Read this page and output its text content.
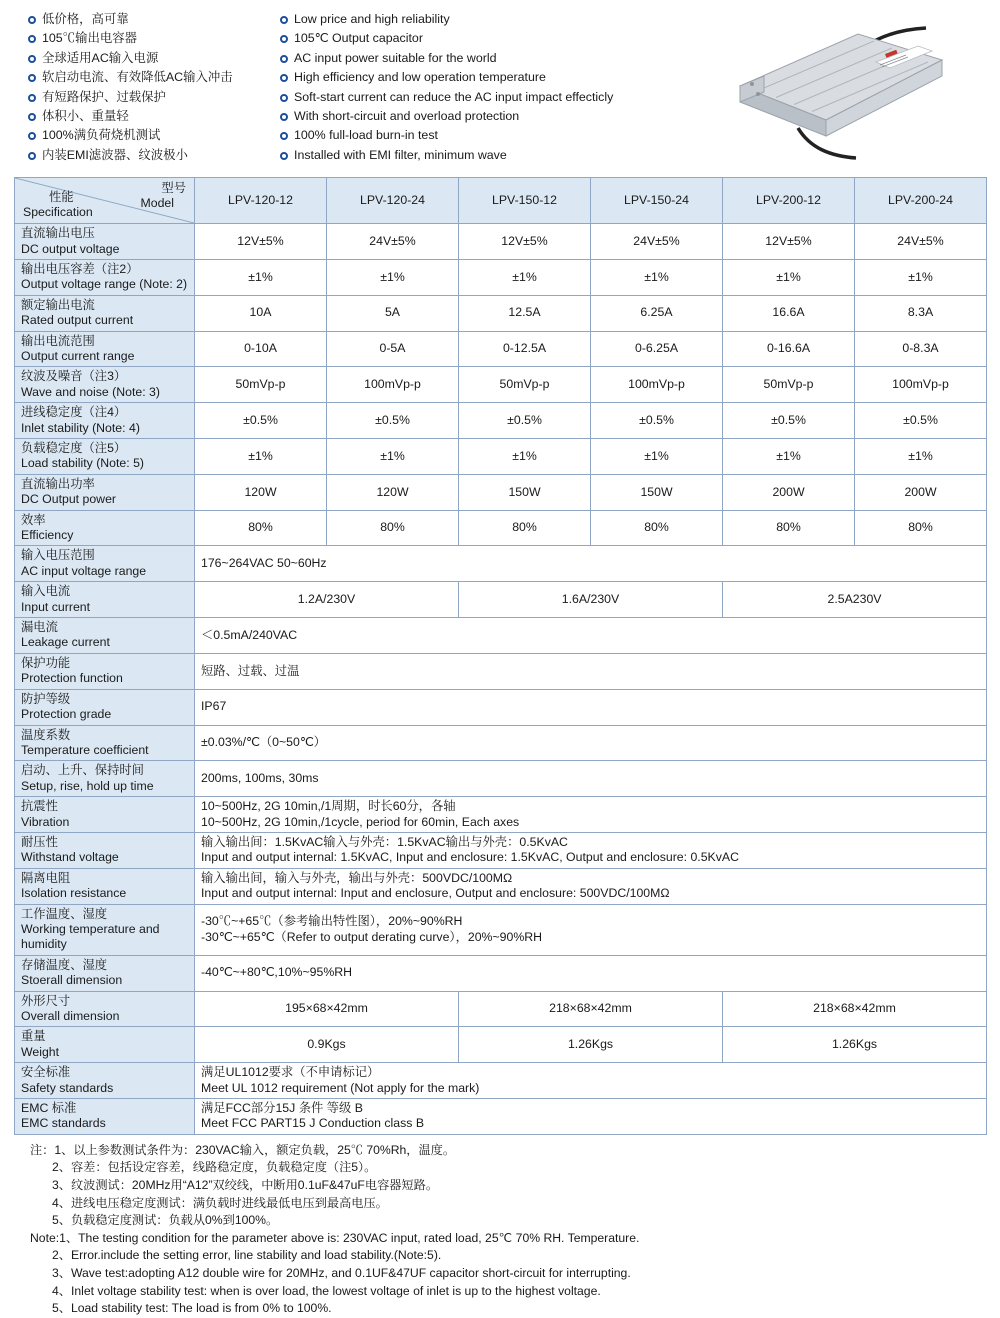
低价格，高可靠
105℃输出电容器
全球适用AC输入电源
软启动电流、有效降低AC输入冲击
有短路保护、过载保护
体积小、重量轻
100%满负荷烧机测试
内装EMI滤波器、纹波极小
Low price and high reliability
105℃ Output capacitor
AC input power suitable for the world
High efficiency and low operation temperature
Soft-start current can reduce the AC input impact effecticly
With short-circuit and overload protection
100% full-load burn-in test
Installed with EMI filter, minimum wave
型号
Model
性能
Specification	LPV-120-12	LPV-120-24	LPV-150-12	LPV-150-24	LPV-200-12	LPV-200-24

直流输出电压
DC output voltage	12V±5%	24V±5%	12V±5%	24V±5%	12V±5%	24V±5%

输出电压容差（注2）
Output voltage range (Note: 2)	±1%	±1%	±1%	±1%	±1%	±1%

额定输出电流
Rated output current	10A	5A	12.5A	6.25A	16.6A	8.3A

输出电流范围
Output current range	0-10A	0-5A	0-12.5A	0-6.25A	0-16.6A	0-8.3A

纹波及噪音（注3）
Wave and noise (Note: 3)	50mVp-p	100mVp-p	50mVp-p	100mVp-p	50mVp-p	100mVp-p

进线稳定度（注4）
Inlet stability (Note: 4)	±0.5%	±0.5%	±0.5%	±0.5%	±0.5%	±0.5%

负载稳定度（注5）
Load stability (Note: 5)	±1%	±1%	±1%	±1%	±1%	±1%

直流输出功率
DC Output power	120W	120W	150W	150W	200W	200W

效率
Efficiency	80%	80%	80%	80%	80%	80%

输入电压范围
AC input voltage range	176~264VAC 50~60Hz					

输入电流
Input current	1.2A/230V		1.6A/230V		2.5A230V	

漏电流
Leakage current	＜0.5mA/240VAC					

保护功能
Protection function	短路、过载、过温					

防护等级
Protection grade	IP67					

温度系数
Temperature coefficient	±0.03%/℃（0~50℃）					

启动、上升、保持时间
Setup, rise, hold up time	200ms, 100ms, 30ms					

抗震性
Vibration	10~500Hz, 2G 10min,/1周期，时长60分，各轴
10~500Hz, 2G 10min,/1cycle, period for 60min, Each axes					

耐压性
Withstand voltage	输入输出间：1.5KvAC输入与外壳：1.5KvAC输出与外壳：0.5KvAC
Input and output internal: 1.5KvAC, Input and enclosure: 1.5KvAC, Output and enclosure: 0.5KvAC					

隔离电阻
Isolation resistance	输入输出间，输入与外壳，输出与外壳：500VDC/100MΩ
Input and output internal: Input and enclosure, Output and enclosure: 500VDC/100MΩ					

工作温度、湿度
Working temperature and humidity	-30℃~+65℃（参考输出特性图），20%~90%RH
-30℃~+65℃（Refer to output derating curve），20%~90%RH					

存储温度、湿度
Stoerall dimension	-40℃~+80℃,10%~95%RH					

外形尺寸
Overall dimension	195×68×42mm		218×68×42mm		218×68×42mm	

重量
Weight	0.9Kgs		1.26Kgs		1.26Kgs	

安全标准
Safety standards	满足UL1012要求（不申请标记）
Meet UL 1012 requirement (Not apply for the mark)					

EMC 标准
EMC standards	满足FCC部分15J 条件 等级 B
Meet FCC PART15 J Conduction class B					
注：1、以上参数测试条件为：230VAC输入，额定负载，25℃ 70%Rh，温度。
2、容差：包括设定容差，线路稳定度，负载稳定度（注5）。
3、纹波测试：20MHz用“A12”双绞线，中断用0.1uF&47uF电容器短路。
4、进线电压稳定度测试：满负载时进线最低电压到最高电压。
5、负载稳定度测试：负载从0%到100%。
Note:1、The testing condition for the parameter above is: 230VAC input, rated load, 25℃ 70% RH. Temperature.
2、Error.include the setting error, line stability and load stability.(Note:5).
3、Wave test:adopting A12 double wire for 20MHz, and 0.1UF&47UF capacitor short-circuit for interrupting.
4、Inlet voltage stability test: when is over load, the lowest voltage of inlet is up to the highest voltage.
5、Load stability test: The load is from 0% to 100%.
